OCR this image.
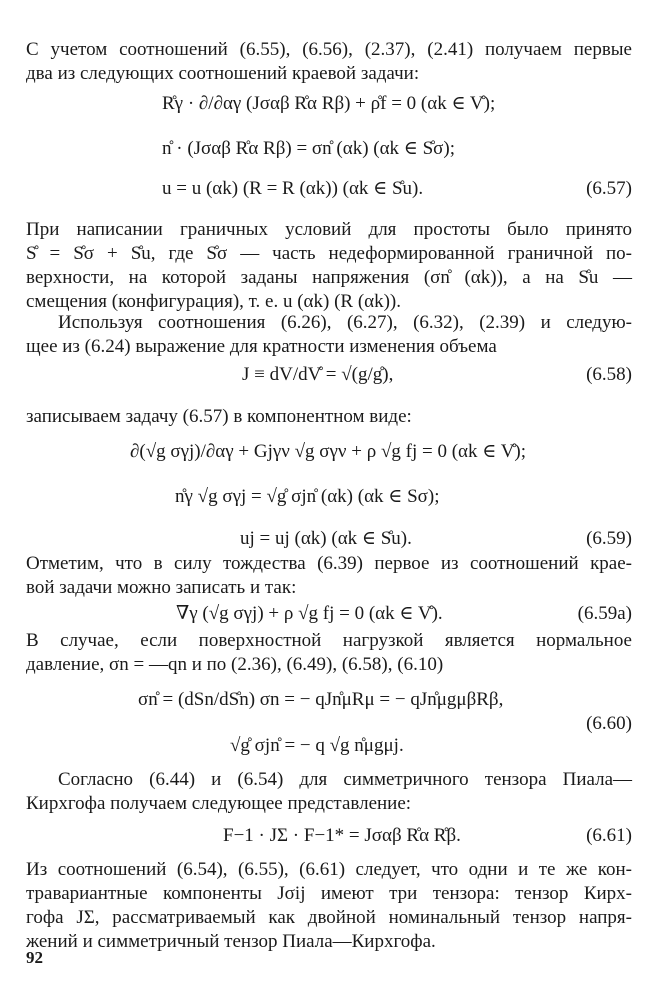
С учетом соотношений (6.55), (6.56), (2.37), (2.41) получаем первые
два из следующих соотношений краевой задачи:

R̊γ · ∂/∂αγ (Jσαβ R̊α Rβ) + ρ̊f = 0 (αk ∈ V̊);
n̊ · (Jσαβ R̊α Rβ) = σn̊ (αk) (αk ∈ S̊σ);
u = u (αk) (R = R (αk)) (αk ∈ S̊u).	(6.57)

При написании граничных условий для простоты было принято
S̊ = S̊σ + S̊u, где S̊σ — часть недеформированной граничной по-
верхности, на которой заданы напряжения (σn̊ (αk)), а на S̊u —
смещения (конфигурация), т. е. u (αk) (R (αk)).

Используя соотношения (6.26), (6.27), (6.32), (2.39) и следую-
щее из (6.24) выражение для кратности изменения объема

J ≡ dV/dV̊ = √(g/g̊),	(6.58)

записываем задачу (6.57) в компонентном виде:

∂(√g σγj)/∂αγ + Gjγν √g σγν + ρ √g fj = 0 (αk ∈ V̊);
n̊γ √g σγj = √g̊ σjn̊ (αk) (αk ∈ Sσ);
uj = uj (αk) (αk ∈ S̊u).	(6.59)

Отметим, что в силу тождества (6.39) первое из соотношений крае-
вой задачи можно записать и так:

∇γ (√g σγj) + ρ √g fj = 0 (αk ∈ V̊).	(6.59a)

В случае, если поверхностной нагрузкой является нормальное
давление, σn = —qn и по (2.36), (6.49), (6.58), (6.10)

σn̊ = (dSn/dS̊n) σn = − qJn̊μRμ = − qJn̊μgμβRβ,
√g̊ σjn̊ = − q √g n̊μgμj.
(6.60)

Согласно (6.44) и (6.54) для симметричного тензора Пиала—
Кирхгофа получаем следующее представление:

F−1 · JΣ · F−1* = Jσαβ R̊α R̊β.	(6.61)

Из соотношений (6.54), (6.55), (6.61) следует, что одни и те же кон-
травариантные компоненты Jσij имеют три тензора: тензор Кирх-
гофа JΣ, рассматриваемый как двойной номинальный тензор напря-
жений и симметричный тензор Пиала—Кирхгофа.

92
